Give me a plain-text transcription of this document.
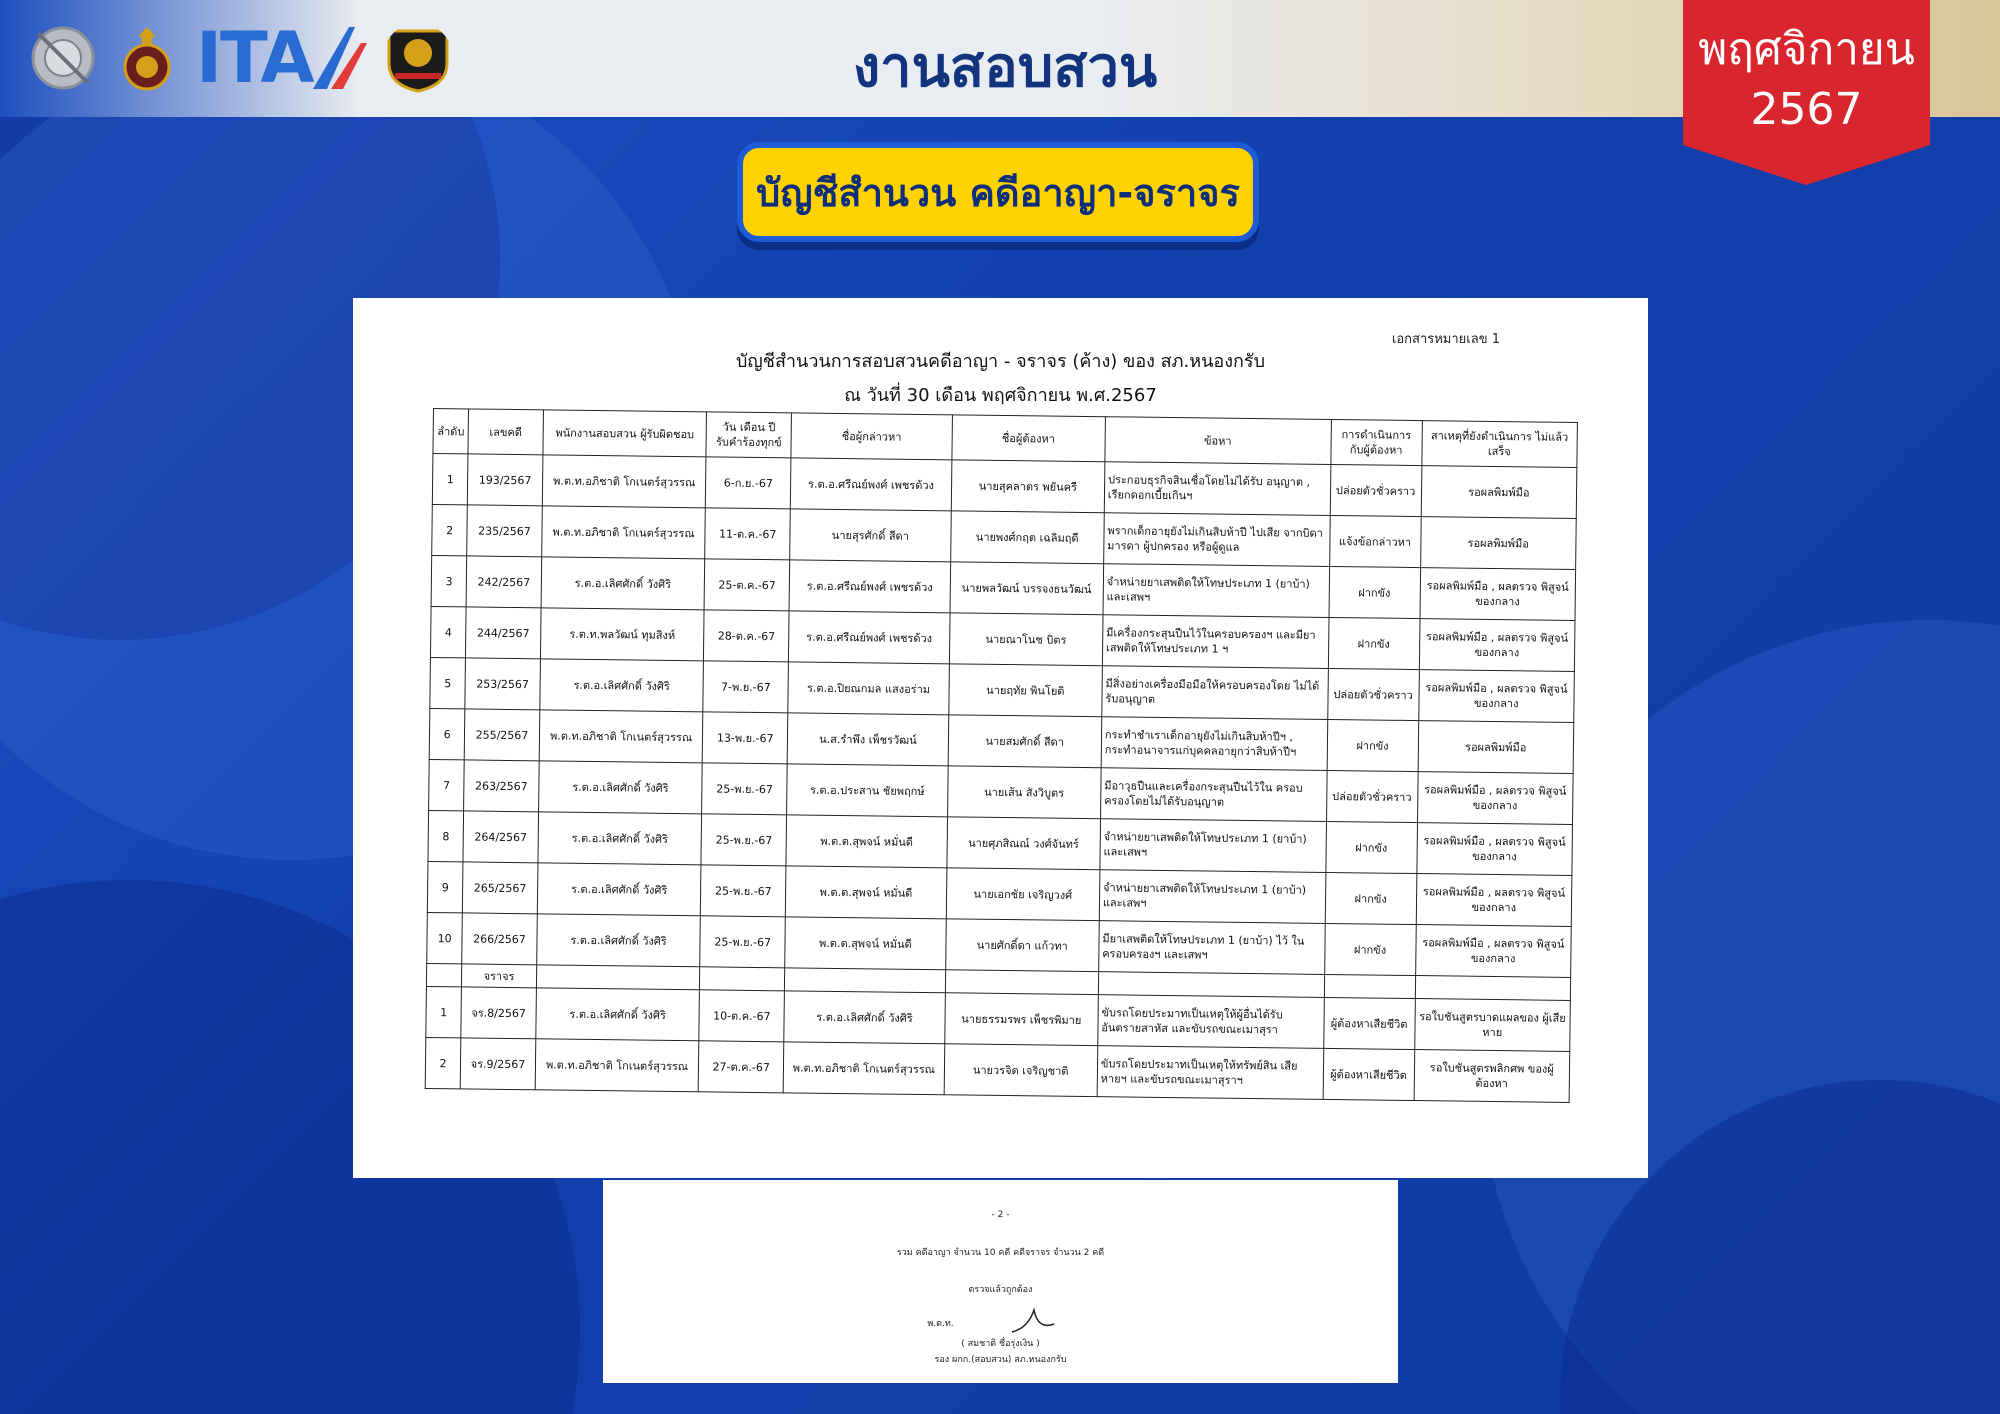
ITA	งานสอบสวน	พฤศจิกายน
2567
บัญชีสำนวน คดีอาญา-จราจร
เอกสารหมายเลข 1
บัญชีสำนวนการสอบสวนคดีอาญา - จราจร (ค้าง) ของ สภ.หนองกรับ
ณ วันที่ 30 เดือน พฤศจิกายน พ.ศ.2567
ลำดับ	เลขคดี	พนักงานสอบสวน ผู้รับผิดชอบ	วัน เดือน ปี รับคำร้องทุกข์	ชื่อผู้กล่าวหา	ชื่อผู้ต้องหา	ข้อหา	การดำเนินการ กับผู้ต้องหา	สาเหตุที่ยังดำเนินการ ไม่แล้วเสร็จ
1	193/2567	พ.ต.ท.อภิชาติ โกเนตร์สุวรรณ	6-ก.ย.-67	ร.ต.อ.ศรีณย์พงศ์ เพชรด้วง	นายสุคลาตร พยันครี	ประกอบธุรกิจสินเชื่อโดยไม่ได้รับ อนุญาต , เรียกดอกเบี้ยเกินฯ	ปล่อยตัวชั่วคราว	รอผลพิมพ์มือ
2	235/2567	พ.ต.ท.อภิชาติ โกเนตร์สุวรรณ	11-ต.ค.-67	นายสุรศักดิ์ สีดา	นายพงศ์กฤต เฉลิมฤดี	พรากเด็กอายุยังไม่เกินสิบห้าปี ไปเสีย จากบิดามารดา ผู้ปกครอง หรือผู้ดูแล	แจ้งข้อกล่าวหา	รอผลพิมพ์มือ
3	242/2567	ร.ต.อ.เลิศศักดิ์ วังศิริ	25-ต.ค.-67	ร.ต.อ.ศรีณย์พงศ์ เพชรด้วง	นายพลวัฒน์ บรรจงธนวัฒน์	จำหน่ายยาเสพติดให้โทษประเภท 1 (ยาบ้า) และเสพฯ	ฝากขัง	รอผลพิมพ์มือ , ผลตรวจ พิสูจน์ของกลาง
4	244/2567	ร.ต.ท.พลวัฒน์ ทุมสิงห์	28-ต.ค.-67	ร.ต.อ.ศรีณย์พงศ์ เพชรด้วง	นายณาโนช บิตร	มีเครื่องกระสุนปืนไว้ในครอบครองฯ และมียาเสพติดให้โทษประเภท 1 ฯ	ฝากขัง	รอผลพิมพ์มือ , ผลตรวจ พิสูจน์ของกลาง
5	253/2567	ร.ต.อ.เลิศศักดิ์ วังศิริ	7-พ.ย.-67	ร.ต.อ.ปิยณกมล แสงอร่าม	นายฤทัย พินโยติ	มีสิ่งอย่างเครื่องมือมือให้ครอบครองโดย ไม่ได้รับอนุญาต	ปล่อยตัวชั่วคราว	รอผลพิมพ์มือ , ผลตรวจ พิสูจน์ของกลาง
6	255/2567	พ.ต.ท.อภิชาติ โกเนตร์สุวรรณ	13-พ.ย.-67	น.ส.รำพึง เพ็ชรวัฒน์	นายสมศักดิ์ สีดา	กระทำชำเราเด็กอายุยังไม่เกินสิบห้าปีฯ , กระทำอนาจารแก่บุคคลอายุกว่าสิบห้าปีฯ	ฝากขัง	รอผลพิมพ์มือ
7	263/2567	ร.ต.อ.เลิศศักดิ์ วังศิริ	25-พ.ย.-67	ร.ต.อ.ประสาน ชัยพฤกษ์	นายเส้น สังวิบูตร	มีอาวุธปืนและเครื่องกระสุนปืนไว้ใน ครอบครองโดยไม่ได้รับอนุญาต	ปล่อยตัวชั่วคราว	รอผลพิมพ์มือ , ผลตรวจ พิสูจน์ของกลาง
8	264/2567	ร.ต.อ.เลิศศักดิ์ วังศิริ	25-พ.ย.-67	พ.ต.ต.สุพจน์ หมั่นดี	นายศุภสิณณ์ วงศ์จันทร์	จำหน่ายยาเสพติดให้โทษประเภท 1 (ยาบ้า) และเสพฯ	ฝากขัง	รอผลพิมพ์มือ , ผลตรวจ พิสูจน์ของกลาง
9	265/2567	ร.ต.อ.เลิศศักดิ์ วังศิริ	25-พ.ย.-67	พ.ต.ต.สุพจน์ หมั่นดี	นายเอกชัย เจริญวงศ์	จำหน่ายยาเสพติดให้โทษประเภท 1 (ยาบ้า) และเสพฯ	ฝากขัง	รอผลพิมพ์มือ , ผลตรวจ พิสูจน์ของกลาง
10	266/2567	ร.ต.อ.เลิศศักดิ์ วังศิริ	25-พ.ย.-67	พ.ต.ต.สุพจน์ หมั่นดี	นายศักดิ์ดา แก้วทา	มียาเสพติดให้โทษประเภท 1 (ยาบ้า) ไว้ ในครอบครองฯ และเสพฯ	ฝากขัง	รอผลพิมพ์มือ , ผลตรวจ พิสูจน์ของกลาง
	จราจร							
1	จร.8/2567	ร.ต.อ.เลิศศักดิ์ วังศิริ	10-ต.ค.-67	ร.ต.อ.เลิศศักดิ์ วังศิริ	นายธรรมรพร เพ็ชรพิมาย	ขับรถโดยประมาทเป็นเหตุให้ผู้อื่นได้รับ อันตรายสาหัส และขับรถขณะเมาสุรา	ผู้ต้องหาเสียชีวิต	รอใบชันสูตรบาดแผลของ ผู้เสียหาย
2	จร.9/2567	พ.ต.ท.อภิชาติ โกเนตร์สุวรรณ	27-ต.ค.-67	พ.ต.ท.อภิชาติ โกเนตร์สุวรรณ	นายวรจิต เจริญชาติ	ขับรถโดยประมาทเป็นเหตุให้ทรัพย์สิน เสียหายฯ และขับรถขณะเมาสุราฯ	ผู้ต้องหาเสียชีวิต	รอใบชันสูตรพลิกศพ ของผู้ต้องหา
- 2 -
รวม คดีอาญา จำนวน 10 คดี คดีจราจร จำนวน 2 คดี
ตรวจแล้วถูกต้อง
พ.ต.ท.
( สมชาติ ชื่อรุ่งเงิน )
รอง ผกก.(สอบสวน) สภ.หนองกรับ
